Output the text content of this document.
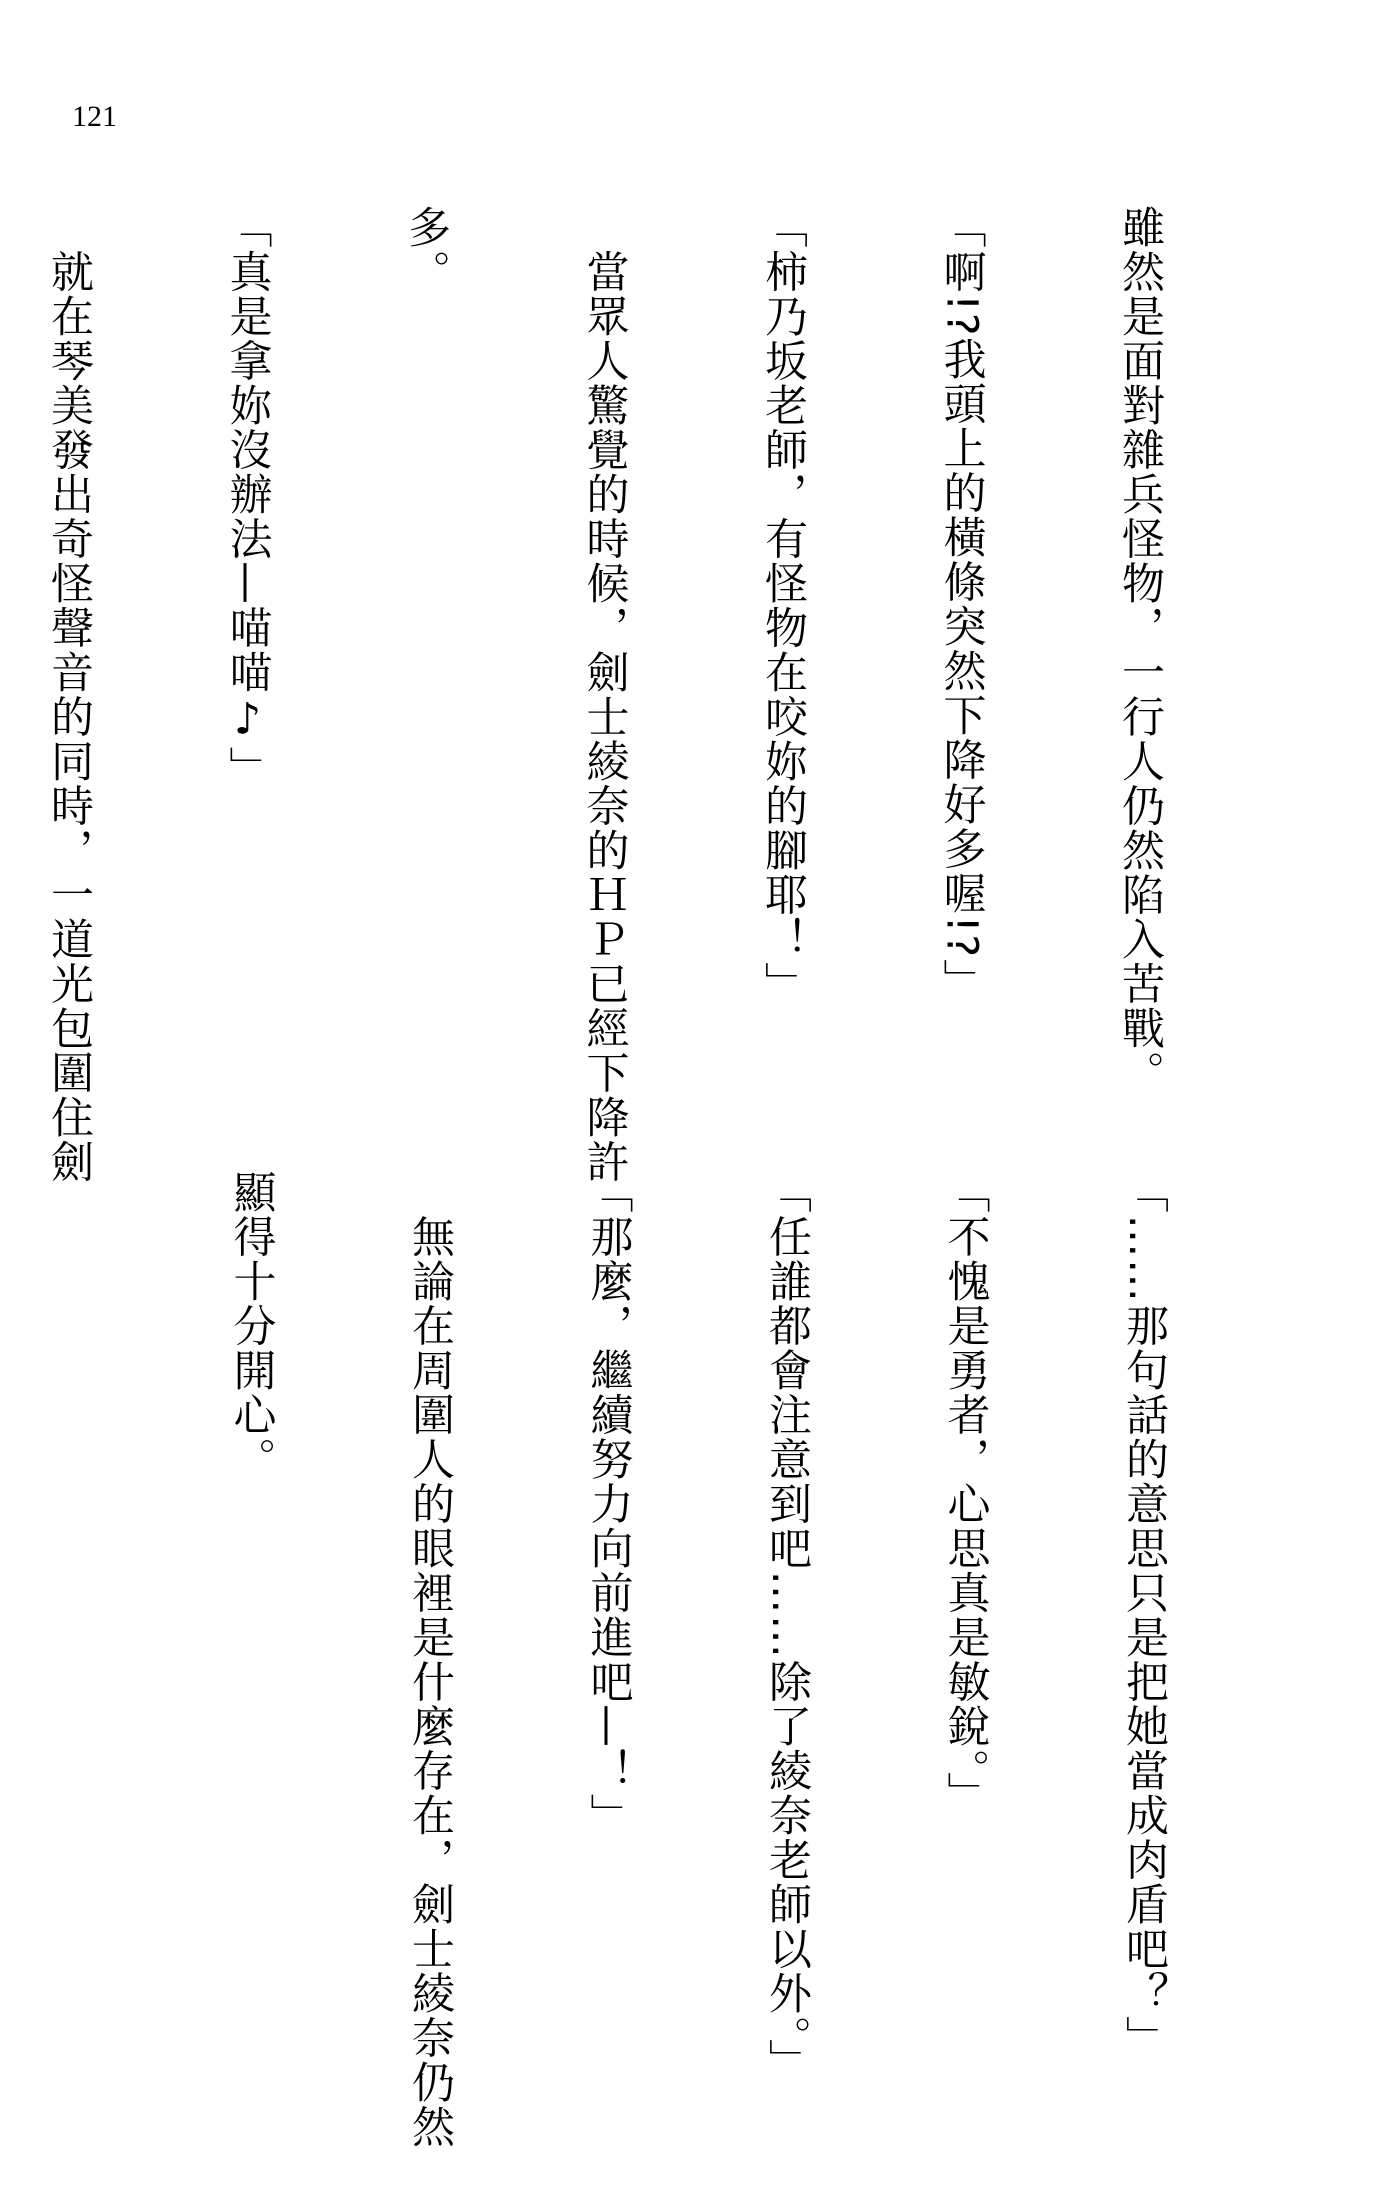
121

雖然是面對雜兵怪物，一行人仍然陷入苦戰。

「啊!?我頭上的橫條突然下降好多喔!?」

「柿乃坂老師，有怪物在咬妳的腳耶！」

　當眾人驚覺的時候，劍士綾奈的ＨＰ已經下降許

多。

「真是拿妳沒辦法—喵喵♪」

　就在琴美發出奇怪聲音的同時，一道光包圍住劍

「……那句話的意思只是把她當成肉盾吧？」

「不愧是勇者，心思真是敏銳。」

「任誰都會注意到吧……除了綾奈老師以外。」

「那麼，繼續努力向前進吧—！」

　無論在周圍人的眼裡是什麼存在，劍士綾奈仍然

顯得十分開心。
